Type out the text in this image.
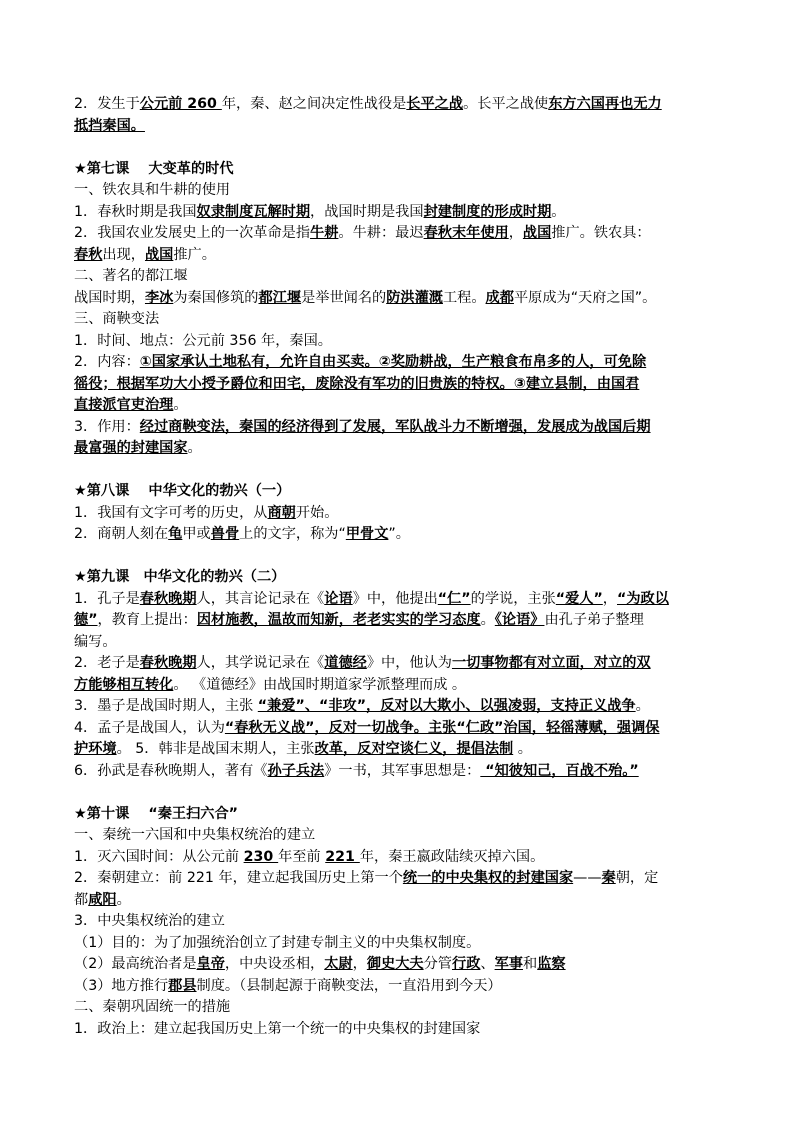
2．发生于公元前 260 年，秦、赵之间决定性战役是长平之战。长平之战使东方六国再也无力
抵挡秦国。
★第七课　 大变革的时代
一、铁农具和牛耕的使用
1．春秋时期是我国奴隶制度瓦解时期，战国时期是我国封建制度的形成时期。
2．我国农业发展史上的一次革命是指牛耕。牛耕：最迟春秋末年使用，战国推广。铁农具：
春秋出现，战国推广。
二、著名的都江堰
战国时期，李冰为秦国修筑的都江堰是举世闻名的防洪灌溉工程。成都平原成为“天府之国”。
三、商鞅变法
1．时间、地点：公元前 356 年，秦国。
2．内容：①国家承认土地私有，允许自由买卖。②奖励耕战，生产粮食布帛多的人，可免除
徭役；根据军功大小授予爵位和田宅，废除没有军功的旧贵族的特权。③建立县制，由国君
直接派官吏治理。
3．作用：经过商鞅变法，秦国的经济得到了发展，军队战斗力不断增强，发展成为战国后期
最富强的封建国家。
★第八课　 中华文化的勃兴（一）
1．我国有文字可考的历史，从商朝开始。
2．商朝人刻在龟甲或兽骨上的文字，称为“甲骨文”。
★第九课　中华文化的勃兴（二）
1．孔子是春秋晚期人，其言论记录在《论语》中，他提出“仁”的学说，主张“爱人”，“为政以
德”，教育上提出：因材施教，温故而知新，老老实实的学习态度。《论语》由孔子弟子整理
编写。
2．老子是春秋晚期人，其学说记录在《道德经》中，他认为一切事物都有对立面，对立的双
方能够相互转化。 《道德经》由战国时期道家学派整理而成 。
3．墨子是战国时期人，主张 “兼爱”、“非攻”，反对以大欺小、以强凌弱，支持正义战争。
4．孟子是战国人，认为“春秋无义战”，反对一切战争。主张“仁政”治国，轻徭薄赋，强调保
护环境。 5．韩非是战国末期人，主张改革，反对空谈仁义，提倡法制 。
6．孙武是春秋晚期人，著有《孙子兵法》一书，其军事思想是： “知彼知己，百战不殆。”
★第十课　 “秦王扫六合”
一、秦统一六国和中央集权统治的建立
1．灭六国时间：从公元前 230 年至前 221 年，秦王嬴政陆续灭掉六国。
2．秦朝建立：前 221 年，建立起我国历史上第一个统一的中央集权的封建国家——秦朝，定
都咸阳。
3．中央集权统治的建立
（1）目的：为了加强统治创立了封建专制主义的中央集权制度。
（2）最高统治者是皇帝，中央设丞相，太尉，御史大夫分管行政、军事和监察
（3）地方推行郡县制度。（县制起源于商鞅变法，一直沿用到今天）
二、秦朝巩固统一的措施
1．政治上：建立起我国历史上第一个统一的中央集权的封建国家
